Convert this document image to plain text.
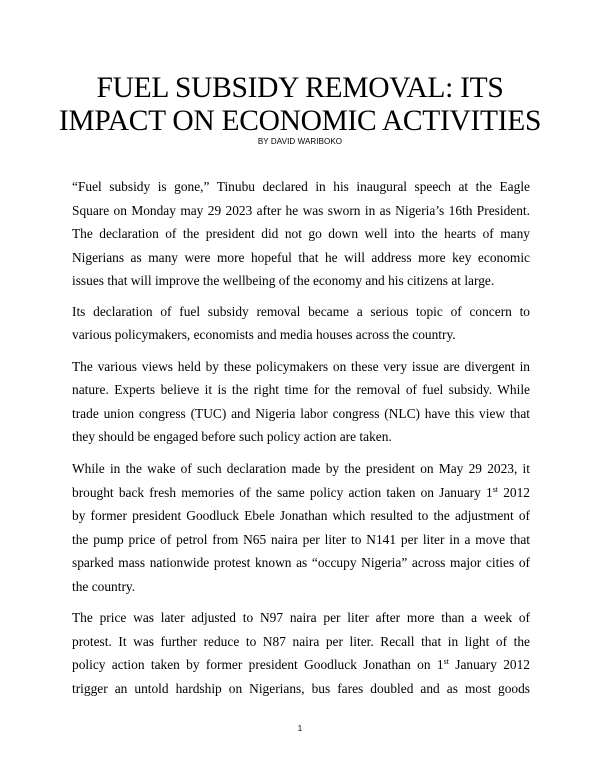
FUEL SUBSIDY REMOVAL: ITS
IMPACT ON ECONOMIC ACTIVITIES
BY DAVID WARIBOKO
“Fuel subsidy is gone,” Tinubu declared in his inaugural speech at the Eagle
Square on Monday may 29 2023 after he was sworn in as Nigeria’s 16th President.
The declaration of the president did not go down well into the hearts of many
Nigerians as many were more hopeful that he will address more key economic
issues that will improve the wellbeing of the economy and his citizens at large.
Its declaration of fuel subsidy removal became a serious topic of concern to
various policymakers, economists and media houses across the country.
The various views held by these policymakers on these very issue are divergent in
nature. Experts believe it is the right time for the removal of fuel subsidy. While
trade union congress (TUC) and Nigeria labor congress (NLC) have this view that
they should be engaged before such policy action are taken.
While in the wake of such declaration made by the president on May 29 2023, it
brought back fresh memories of the same policy action taken on January 1st 2012
by former president Goodluck Ebele Jonathan which resulted to the adjustment of
the pump price of petrol from N65 naira per liter to N141 per liter in a move that
sparked mass nationwide protest known as “occupy Nigeria” across major cities of
the country.
The price was later adjusted to N97 naira per liter after more than a week of
protest. It was further reduce to N87 naira per liter. Recall that in light of the
policy action taken by former president Goodluck Jonathan on 1st January 2012
trigger an untold hardship on Nigerians, bus fares doubled and as most goods
1
